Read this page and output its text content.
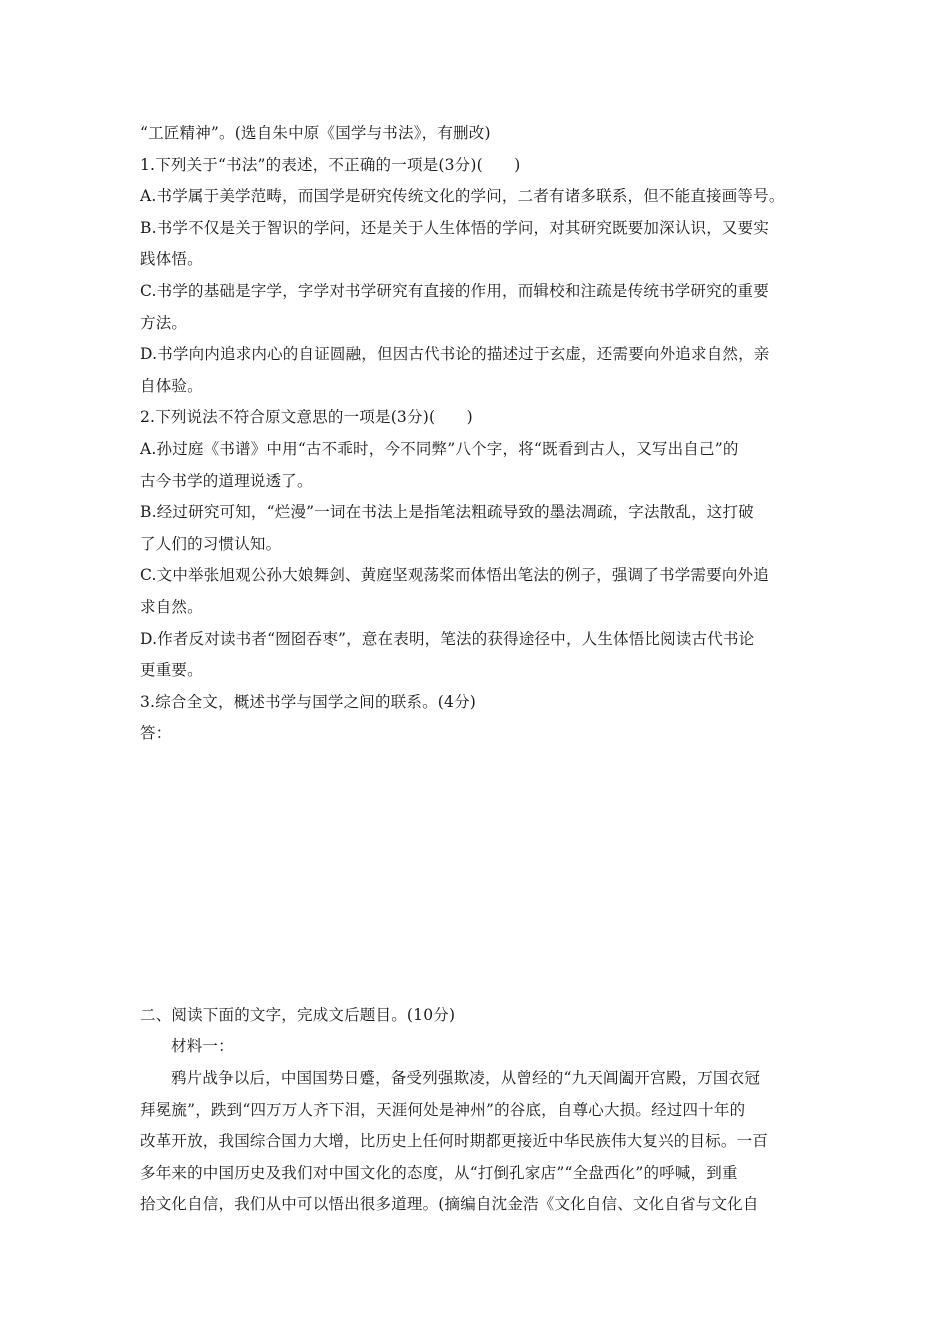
“工匠精神”。(选自朱中原《国学与书法》，有删改)
1.下列关于“书法”的表述，不正确的一项是(3分)(　　)
A.书学属于美学范畴，而国学是研究传统文化的学问，二者有诸多联系，但不能直接画等号。
B.书学不仅是关于智识的学问，还是关于人生体悟的学问，对其研究既要加深认识，又要实
践体悟。
C.书学的基础是字学，字学对书学研究有直接的作用，而辑校和注疏是传统书学研究的重要
方法。
D.书学向内追求内心的自证圆融，但因古代书论的描述过于玄虚，还需要向外追求自然，亲
自体验。
2.下列说法不符合原文意思的一项是(3分)(　　)
A.孙过庭《书谱》中用“古不乖时，今不同弊”八个字，将“既看到古人，又写出自己”的
古今书学的道理说透了。
B.经过研究可知，“烂漫”一词在书法上是指笔法粗疏导致的墨法凋疏，字法散乱，这打破
了人们的习惯认知。
C.文中举张旭观公孙大娘舞剑、黄庭坚观荡桨而体悟出笔法的例子，强调了书学需要向外追
求自然。
D.作者反对读书者“囫囵吞枣”，意在表明，笔法的获得途径中，人生体悟比阅读古代书论
更重要。
3.综合全文，概述书学与国学之间的联系。(4分)
答：
二、阅读下面的文字，完成文后题目。(10分)
材料一：
鸦片战争以后，中国国势日蹙，备受列强欺凌，从曾经的“九天阊阖开宫殿，万国衣冠
拜冕旒”，跌到“四万万人齐下泪，天涯何处是神州”的谷底，自尊心大损。经过四十年的
改革开放，我国综合国力大增，比历史上任何时期都更接近中华民族伟大复兴的目标。一百
多年来的中国历史及我们对中国文化的态度，从“打倒孔家店”“全盘西化”的呼喊，到重
拾文化自信，我们从中可以悟出很多道理。(摘编自沈金浩《文化自信、文化自省与文化自
